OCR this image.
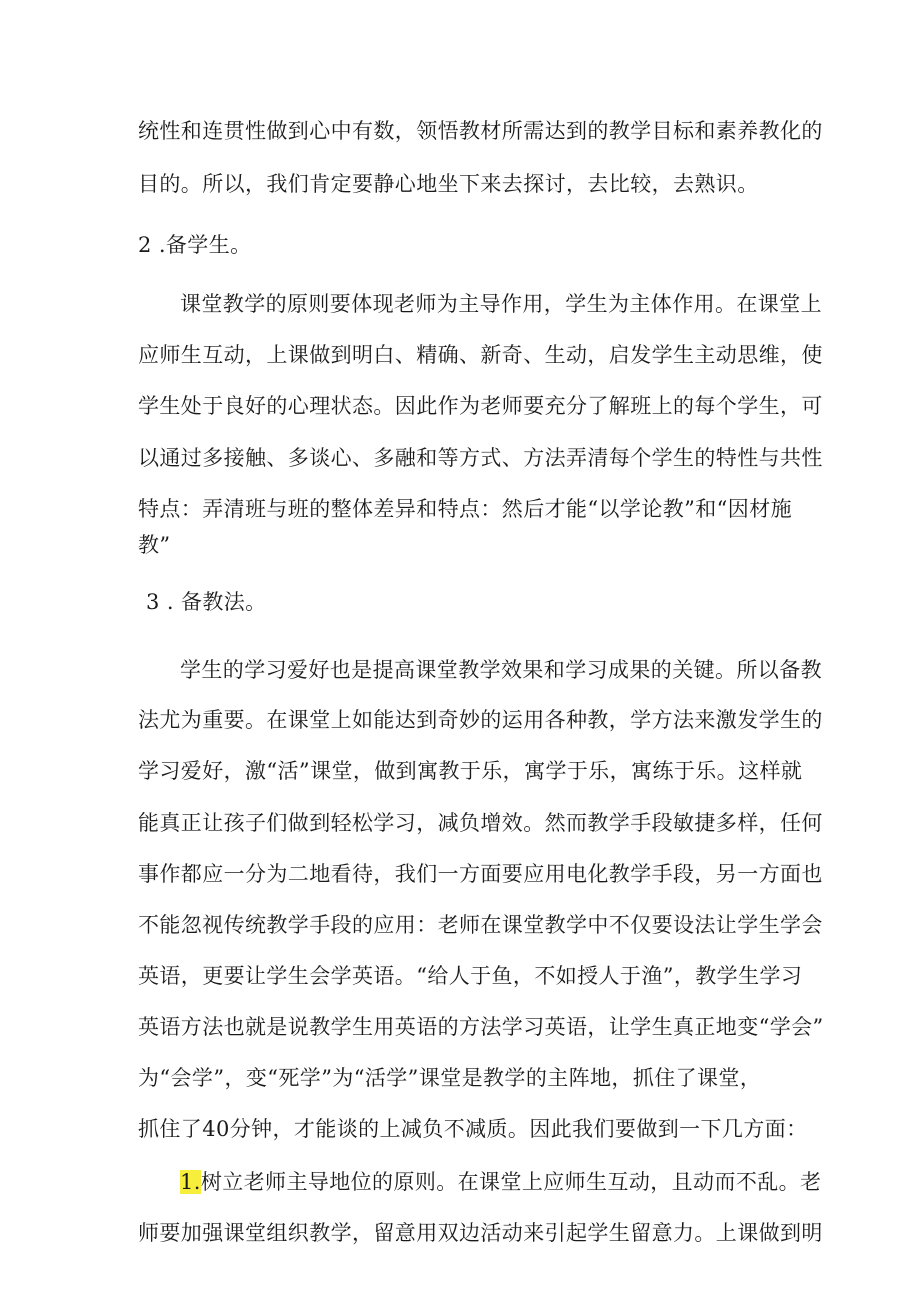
统性和连贯性做到心中有数，领悟教材所需达到的教学目标和素养教化的
目的。所以，我们肯定要静心地坐下来去探讨，去比较，去熟识。
2 .备学生。
课堂教学的原则要体现老师为主导作用，学生为主体作用。在课堂上
应师生互动，上课做到明白、精确、新奇、生动，启发学生主动思维，使
学生处于良好的心理状态。因此作为老师要充分了解班上的每个学生，可
以通过多接触、多谈心、多融和等方式、方法弄清每个学生的特性与共性
特点：弄清班与班的整体差异和特点：然后才能“以学论教”和“因材施
教”
3 . 备教法。
学生的学习爱好也是提高课堂教学效果和学习成果的关键。所以备教
法尤为重要。在课堂上如能达到奇妙的运用各种教，学方法来激发学生的
学习爱好，激“活”课堂，做到寓教于乐，寓学于乐，寓练于乐。这样就
能真正让孩子们做到轻松学习，减负增效。然而教学手段敏捷多样，任何
事作都应一分为二地看待，我们一方面要应用电化教学手段，另一方面也
不能忽视传统教学手段的应用：老师在课堂教学中不仅要设法让学生学会
英语，更要让学生会学英语。“给人于鱼，不如授人于渔”，教学生学习
英语方法也就是说教学生用英语的方法学习英语，让学生真正地变“学会”
为“会学”，变“死学”为“活学”课堂是教学的主阵地，抓住了课堂，
抓住了40分钟，才能谈的上减负不减质。因此我们要做到一下几方面：
1.树立老师主导地位的原则。在课堂上应师生互动，且动而不乱。老
师要加强课堂组织教学，留意用双边活动来引起学生留意力。上课做到明
